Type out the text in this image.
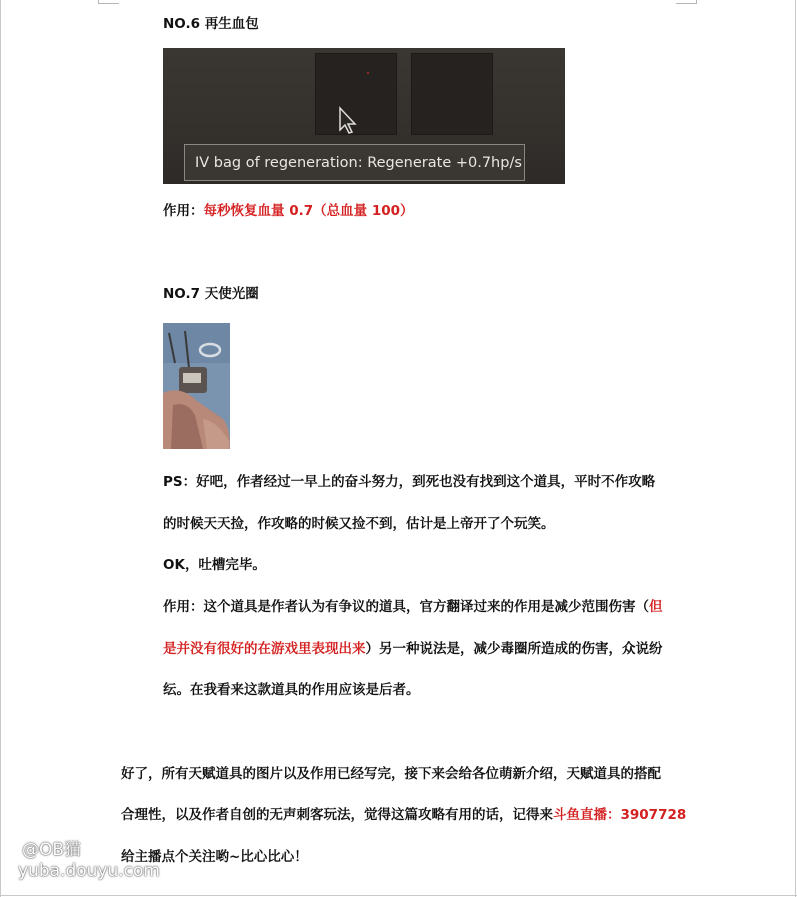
NO.6 再生血包
IV bag of regeneration: Regenerate +0.7hp/s
作用：每秒恢复血量 0.7（总血量 100）
NO.7 天使光圈
PS：好吧，作者经过一早上的奋斗努力，到死也没有找到这个道具，平时不作攻略
的时候天天捡，作攻略的时候又捡不到，估计是上帝开了个玩笑。
OK，吐槽完毕。
作用：这个道具是作者认为有争议的道具，官方翻译过来的作用是减少范围伤害（但
是并没有很好的在游戏里表现出来）另一种说法是，减少毒圈所造成的伤害，众说纷
纭。在我看来这款道具的作用应该是后者。
好了，所有天赋道具的图片以及作用已经写完，接下来会给各位萌新介绍，天赋道具的搭配
合理性，以及作者自创的无声刺客玩法，觉得这篇攻略有用的话，记得来斗鱼直播：3907728
给主播点个关注哟~比心比心！
@OB猫
yuba.douyu.com
